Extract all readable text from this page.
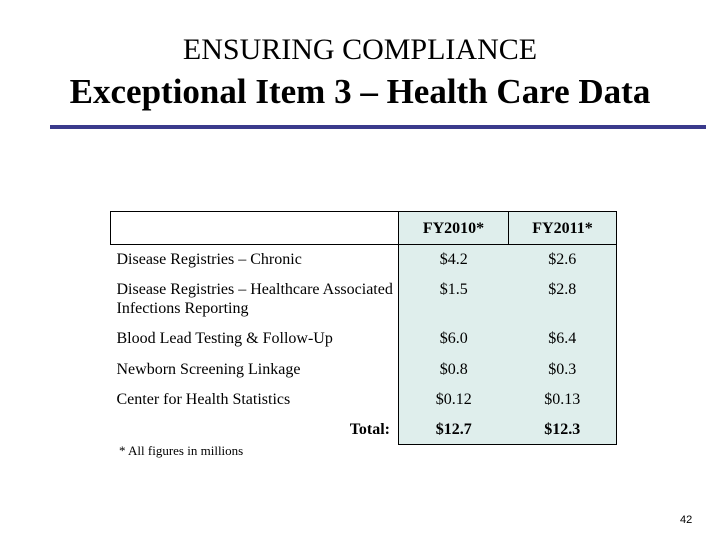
ENSURING COMPLIANCE
Exceptional Item 3 – Health Care Data
	FY2010*	FY2011*
Disease Registries – Chronic	$4.2	$2.6
Disease Registries – Healthcare Associated Infections Reporting	$1.5	$2.8
Blood Lead Testing & Follow-Up	$6.0	$6.4
Newborn Screening Linkage	$0.8	$0.3
Center for Health Statistics	$0.12	$0.13
Total:	$12.7	$12.3
* All figures in millions
42
